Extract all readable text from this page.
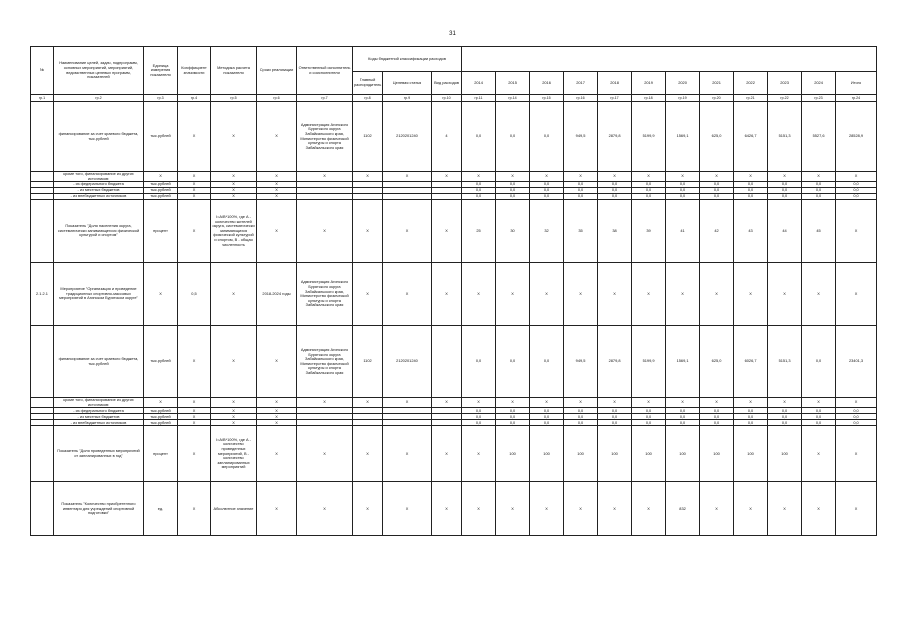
31
№	Наименование целей, задач, подпрограмм, основных мероприятий, мероприятий, ведомственных целевых программ, показателей	Единица измерения показателя	Коэффициент значимости	Методика расчета показателя	Сроки реализации	Ответственный исполнитель и соисполнители	Коды бюджетной классификации расходов															
							Главный распорядитель	Целевая статья	Вид расходов	2014	2015	2016	2017	2018	2019	2020	2021	2022	2023	2024	Итого	
гр.1	гр.2	гр.3	гр.4	гр.5	гр.6	гр.7	гр.8	гр.9	гр.10	гр.11	гр.14	гр.15	гр.16	гр.17	гр.18	гр.19	гр.20	гр.21	гр.22	гр.23	гр.24	
	финансирование за счет краевого бюджета, тыс.рублей	тыс.рублей	Х	Х	Х	Администрация Агинского Бурятского округа Забайкальского края, Министерство физической культуры и спорта Забайкальского края	1102	2120201240	4	0,0	0,0	0,0	949,5	2879,8	5199,9	1569,1	625,0	6426,7	5151,3	5527,6	28528,9	
	кроме того, финансирование из других источников:	Х	Х	Х	Х	Х	Х	Х	Х	Х	Х	Х	Х	Х	Х	Х	Х	Х	Х	Х	Х	
	- из федерального бюджета	тыс.рублей	Х	Х	Х					0,0	0,0	0,0	0,0	0,0	0,0	0,0	0,0	0,0	0,0	0,0	0,0	
	- из местных бюджетов	тыс.рублей	Х	Х	Х					0,0	0,0	0,0	0,0	0,0	0,0	0,0	0,0	0,0	0,0	0,0	0,0	
	- из внебюджетных источников	тыс.рублей	Х	Х	Х					0,0	0,0	0,0	0,0	0,0	0,0	0,0	0,0	0,0	0,0	0,0	0,0	
	Показатель "Доля населения округа, систематически занимающегося физической культурой и спортом"	процент	Х	I=А/В*100%, где А - количество жителей округа, систематически занимающихся физической культурой и спортом, В - общая численность	Х	Х	Х	Х	Х	25	30	32	35	38	39	41	42	43	44	45	Х	
2.1.2.1	Мероприятие "Организация и проведение традиционных спортивно-массовых мероприятий в Агинском Бурятском округе"	Х	0,5	Х	2018-2024 годы	Администрация Агинского Бурятского округа Забайкальского края, Министерство физической культуры и спорта Забайкальского края	Х	Х	Х	Х	Х	Х	Х	Х	Х	Х	Х	Х	Х	Х	Х	
	финансирование за счет краевого бюджета, тыс.рублей	тыс.рублей	Х	Х	Х	Администрация Агинского Бурятского округа Забайкальского края, Министерство физической культуры и спорта Забайкальского края	1102	2120201240		0,0	0,0	0,0	949,5	2879,8	5199,9	1569,1	625,0	6026,7	5151,3	0,0	23401,3	
	кроме того, финансирование из других источников:	Х	Х	Х	Х	Х	Х	Х	Х	Х	Х	Х	Х	Х	Х	Х	Х	Х	Х	Х	Х	
	- из федерального бюджета	тыс.рублей	Х	Х	Х					0,0	0,0	0,0	0,0	0,0	0,0	0,0	0,0	0,0	0,0	0,0	0,0	
	- из местных бюджетов	тыс.рублей	Х	Х	Х					0,0	0,0	0,0	0,0	0,0	0,0	0,0	0,0	0,0	0,0	0,0	0,0	
	- из внебюджетных источников	тыс.рублей	Х	Х	Х					0,0	0,0	0,0	0,0	0,0	0,0	0,0	0,0	0,0	0,0	0,0	0,0	
	Показатель "Доля проведенных мероприятий от запланированных в год"	процент	Х	I=А/В*100%, где А - количество проведенных мероприятий, В - количество запланированных мероприятий	Х	Х	Х	Х	Х	Х	100	100	100	100	100	100	100	100	100	Х	Х	
	Показатель "Количество приобретенного инвентаря для учреждений спортивной подготовки"	ед.	Х	Абсолютное значение	Х	Х	Х	Х	Х	Х	Х	Х	Х	Х	Х	832	Х	Х	Х	Х	Х	
